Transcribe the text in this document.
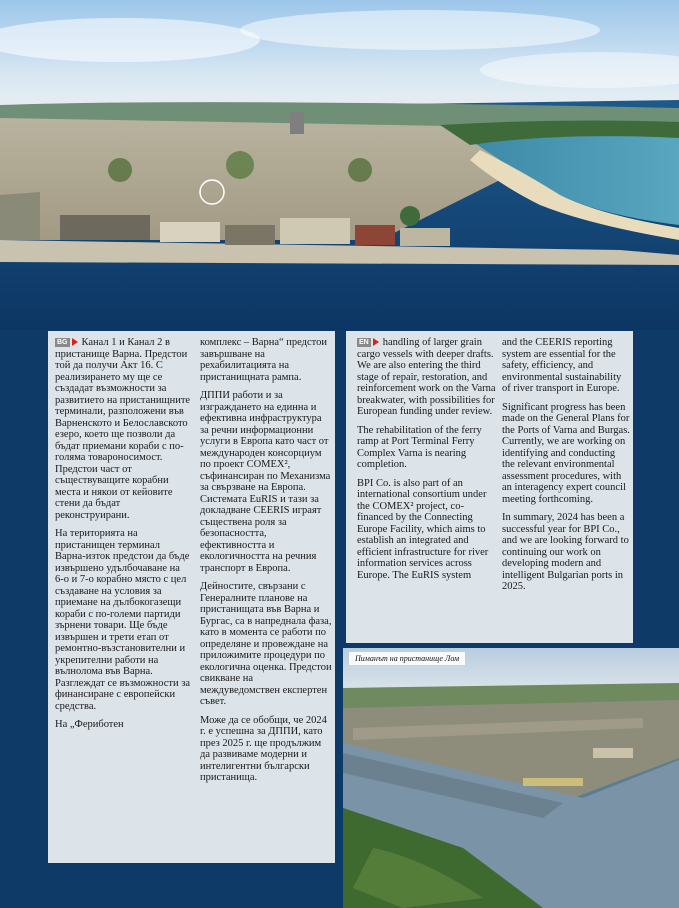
Пиманът на пристанище Лом

BG Канал 1 и Канал 2 в пристанище Варна. Предстои той да получи Акт 16. С реализирането му ще се създадат възможности за развитието на пристанищните терминали, разположени във Варненското и Белославското езеро, което ще позволи да бъдат приемани кораби с по-голяма товароносимост. Предстои част от съществуващите корабни места и някои от кейовите стени да бъдат реконструирани.

На територията на пристанищен терминал Варна-изток предстои да бъде извършено удълбочаване на 6-о и 7-о корабно място с цел създаване на условия за приемане на дълбокогазещи кораби с по-големи партиди зърнени товари. Ще бъде извършен и трети етап от ремонтно-възстановителни и укрепителни работи на вълнолома във Варна. Разглеждат се възможности за финансиране с европейски средства.

На „Фериботен

комплекс – Варна“ предстои завършване на рехабилитацията на пристанищната рампа.

ДППИ работи и за изграждането на единна и ефективна инфраструктура за речни информационни услуги в Европа като част от международен консорциум по проект COMEX², съфинансиран по Механизма за свързване на Европа. Системата EuRIS и тази за докладване CEERIS играят съществена роля за безопасността, ефективността и екологичността на речния транспорт в Европа.

Дейностите, свързани с Генералните планове на пристанищата във Варна и Бургас, са в напреднала фаза, като в момента се работи по определяне и провеждане на приложимите процедури по екологична оценка. Предстои свикване на междуведомствен експертен съвет.

Може да се обобщи, че 2024 г. е успешна за ДППИ, като през 2025 г. ще продължим да развиваме модерни и интелигентни български пристанища.

EN handling of larger grain cargo vessels with deeper drafts. We are also entering the third stage of repair, restoration, and reinforcement work on the Varna breakwater, with possibilities for European funding under review.

The rehabilitation of the ferry ramp at Port Terminal Ferry Complex Varna is nearing completion.

BPI Co. is also part of an international consortium under the COMEX² project, co-financed by the Connecting Europe Facility, which aims to establish an integrated and efficient infrastructure for river information services across Europe. The EuRIS system

and the CEERIS reporting system are essential for the safety, efficiency, and environmental sustainability of river transport in Europe.

Significant progress has been made on the General Plans for the Ports of Varna and Burgas. Currently, we are working on identifying and conducting the relevant environmental assessment procedures, with an interagency expert council meeting forthcoming.

In summary, 2024 has been a successful year for BPI Co., and we are looking forward to continuing our work on developing modern and intelligent Bulgarian ports in 2025.
